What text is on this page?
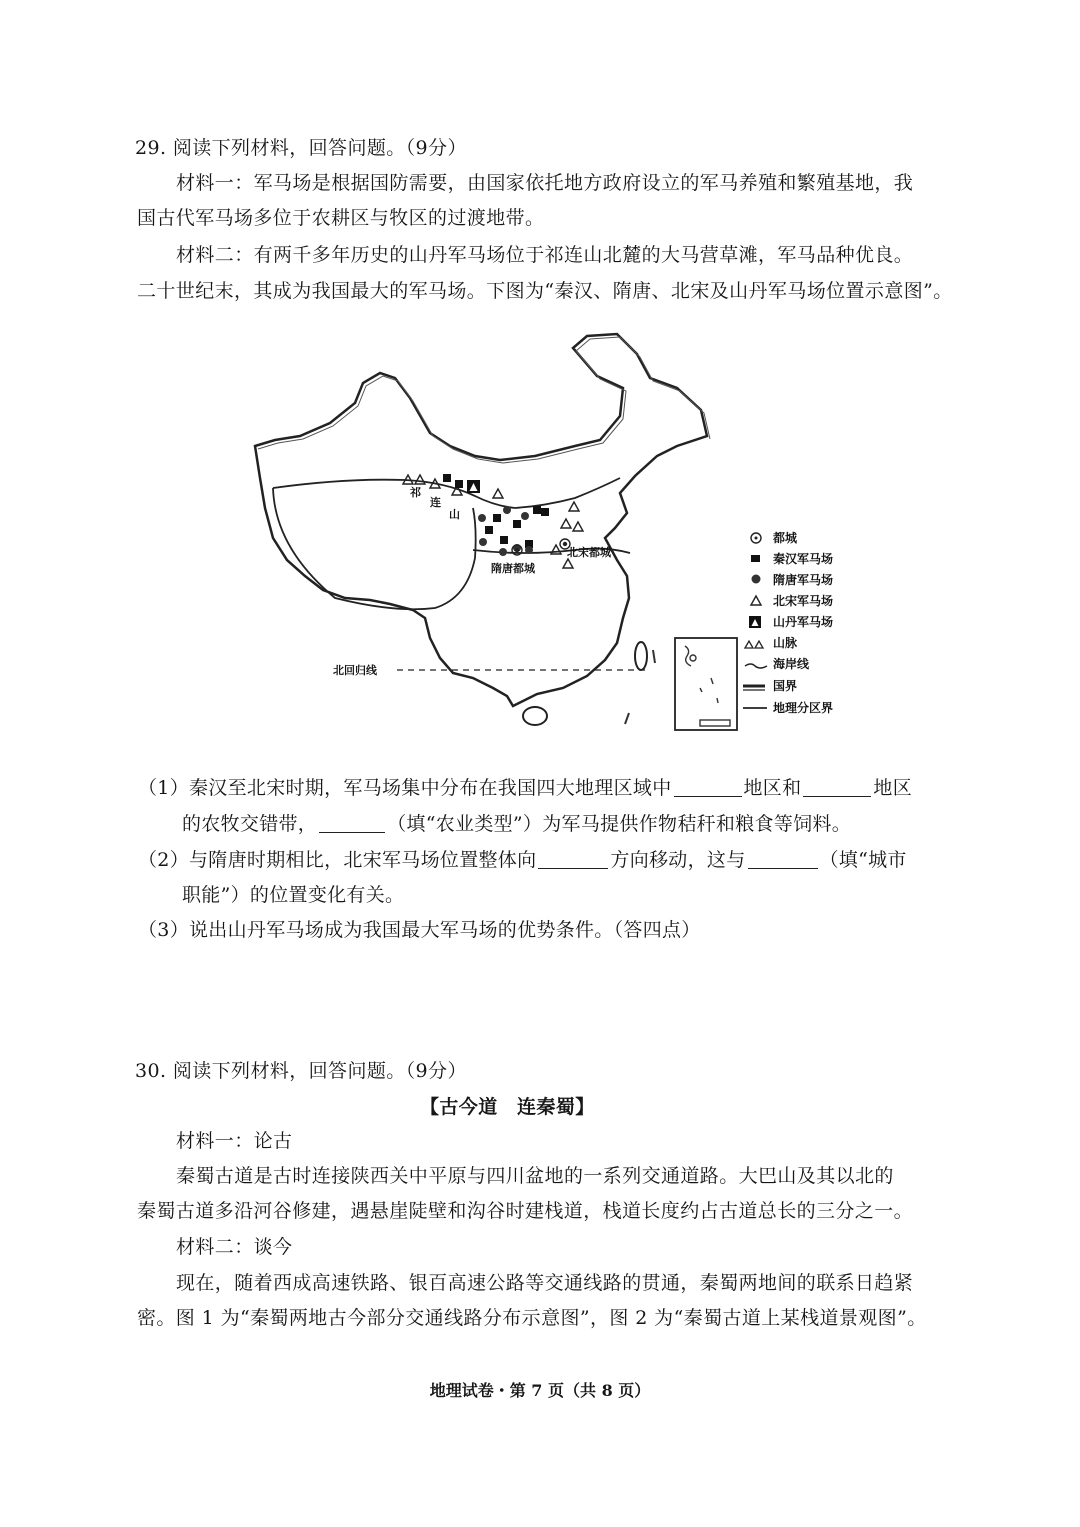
29. 阅读下列材料，回答问题。（9分）
材料一：军马场是根据国防需要，由国家依托地方政府设立的军马养殖和繁殖基地，我
国古代军马场多位于农耕区与牧区的过渡地带。
材料二：有两千多年历史的山丹军马场位于祁连山北麓的大马营草滩，军马品种优良。
二十世纪末，其成为我国最大的军马场。下图为“秦汉、隋唐、北宋及山丹军马场位置示意图”。
北回归线
祁
连
山
北宋都城
隋唐都城
都城
秦汉军马场
隋唐军马场
北宋军马场
山丹军马场
山脉
海岸线
国界
地理分区界
（1）秦汉至北宋时期，军马场集中分布在我国四大地理区域中	地区和	地区
的农牧交错带，	（填“农业类型”）为军马提供作物秸秆和粮食等饲料。
（2）与隋唐时期相比，北宋军马场位置整体向	方向移动，这与	（填“城市
职能”）的位置变化有关。
（3）说出山丹军马场成为我国最大军马场的优势条件。（答四点）
30. 阅读下列材料，回答问题。（9分）
【古今道　连秦蜀】
材料一：论古
秦蜀古道是古时连接陕西关中平原与四川盆地的一系列交通道路。大巴山及其以北的
秦蜀古道多沿河谷修建，遇悬崖陡壁和沟谷时建栈道，栈道长度约占古道总长的三分之一。
材料二：谈今
现在，随着西成高速铁路、银百高速公路等交通线路的贯通，秦蜀两地间的联系日趋紧
密。图 1 为“秦蜀两地古今部分交通线路分布示意图”，图 2 为“秦蜀古道上某栈道景观图”。
地理试卷・第 7 页（共 8 页）
